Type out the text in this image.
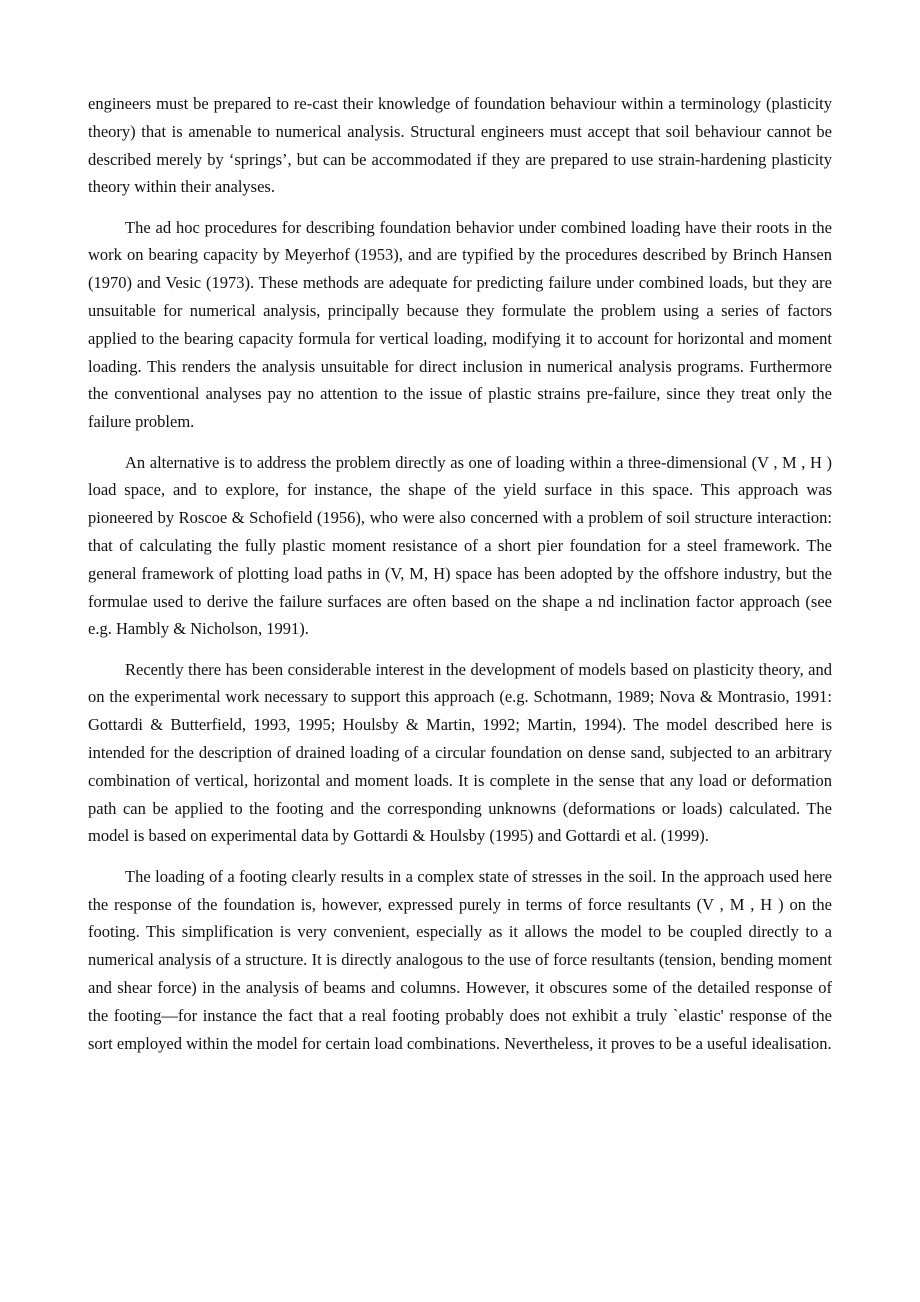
engineers must be prepared to re-cast their knowledge of foundation behaviour within a terminology (plasticity theory) that is amenable to numerical analysis. Structural engineers must accept that soil behaviour cannot be described merely by ‘springs’, but can be accommodated if they are prepared to use strain-hardening plasticity theory within their analyses.

The ad hoc procedures for describing foundation behavior under combined loading have their roots in the work on bearing capacity by Meyerhof (1953), and are typified by the procedures described by Brinch Hansen (1970) and Vesic (1973). These methods are adequate for predicting failure under combined loads, but they are unsuitable for numerical analysis, principally because they formulate the problem using a series of factors applied to the bearing capacity formula for vertical loading, modifying it to account for horizontal and moment loading. This renders the analysis unsuitable for direct inclusion in numerical analysis programs. Furthermore the conventional analyses pay no attention to the issue of plastic strains pre-failure, since they treat only the failure problem.

An alternative is to address the problem directly as one of loading within a three-dimensional (V , M , H ) load space, and to explore, for instance, the shape of the yield surface in this space. This approach was pioneered by Roscoe & Schofield (1956), who were also concerned with a problem of soil structure interaction: that of calculating the fully plastic moment resistance of a short pier foundation for a steel framework. The general framework of plotting load paths in (V, M, H) space has been adopted by the offshore industry, but the formulae used to derive the failure surfaces are often based on the shape a nd inclination factor approach (see e.g. Hambly & Nicholson, 1991).

Recently there has been considerable interest in the development of models based on plasticity theory, and on the experimental work necessary to support this approach (e.g. Schotmann, 1989; Nova & Montrasio, 1991: Gottardi & Butterfield, 1993, 1995; Houlsby & Martin, 1992; Martin, 1994). The model described here is intended for the description of drained loading of a circular foundation on dense sand, subjected to an arbitrary combination of vertical, horizontal and moment loads. It is complete in the sense that any load or deformation path can be applied to the footing and the corresponding unknowns (deformations or loads) calculated. The model is based on experimental data by Gottardi & Houlsby (1995) and Gottardi et al. (1999).

The loading of a footing clearly results in a complex state of stresses in the soil. In the approach used here the response of the foundation is, however, expressed purely in terms of force resultants (V , M , H ) on the footing. This simplification is very convenient, especially as it allows the model to be coupled directly to a numerical analysis of a structure. It is directly analogous to the use of force resultants (tension, bending moment and shear force) in the analysis of beams and columns. However, it obscures some of the detailed response of the footing—for instance the fact that a real footing probably does not exhibit a truly `elastic' response of the sort employed within the model for certain load combinations. Nevertheless, it proves to be a useful idealisation.
